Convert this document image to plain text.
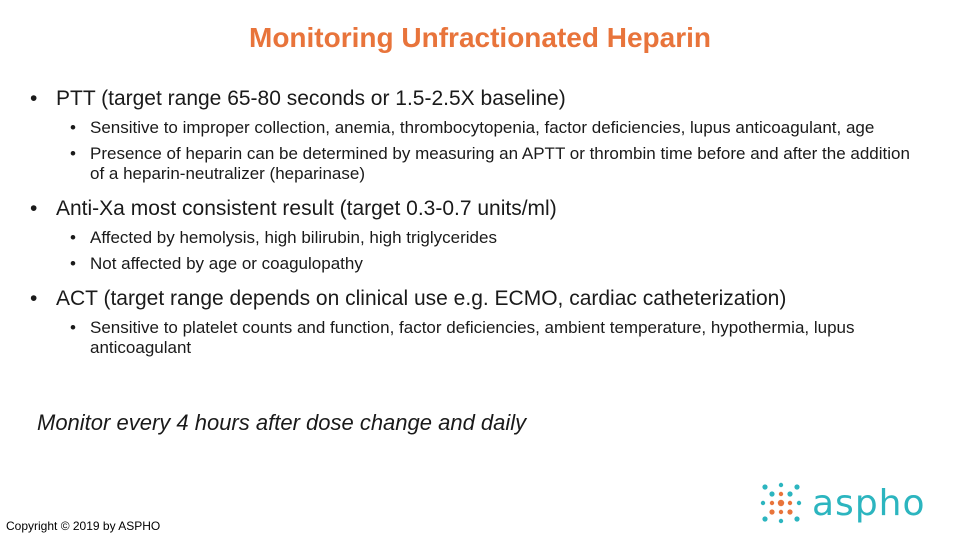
Monitoring Unfractionated Heparin
• PTT (target range 65-80 seconds or 1.5-2.5X baseline)
• Sensitive to improper collection, anemia, thrombocytopenia, factor deficiencies, lupus anticoagulant, age
• Presence of heparin can be determined by measuring an APTT or thrombin time before and after the addition of a heparin-neutralizer (heparinase)
• Anti-Xa most consistent result (target 0.3-0.7 units/ml)
• Affected by hemolysis, high bilirubin, high triglycerides
• Not affected by age or coagulopathy
• ACT (target range depends on clinical use e.g. ECMO, cardiac catheterization)
• Sensitive to platelet counts and function, factor deficiencies, ambient temperature, hypothermia, lupus anticoagulant
Monitor every 4 hours after dose change and daily
Copyright © 2019 by ASPHO
aspho
